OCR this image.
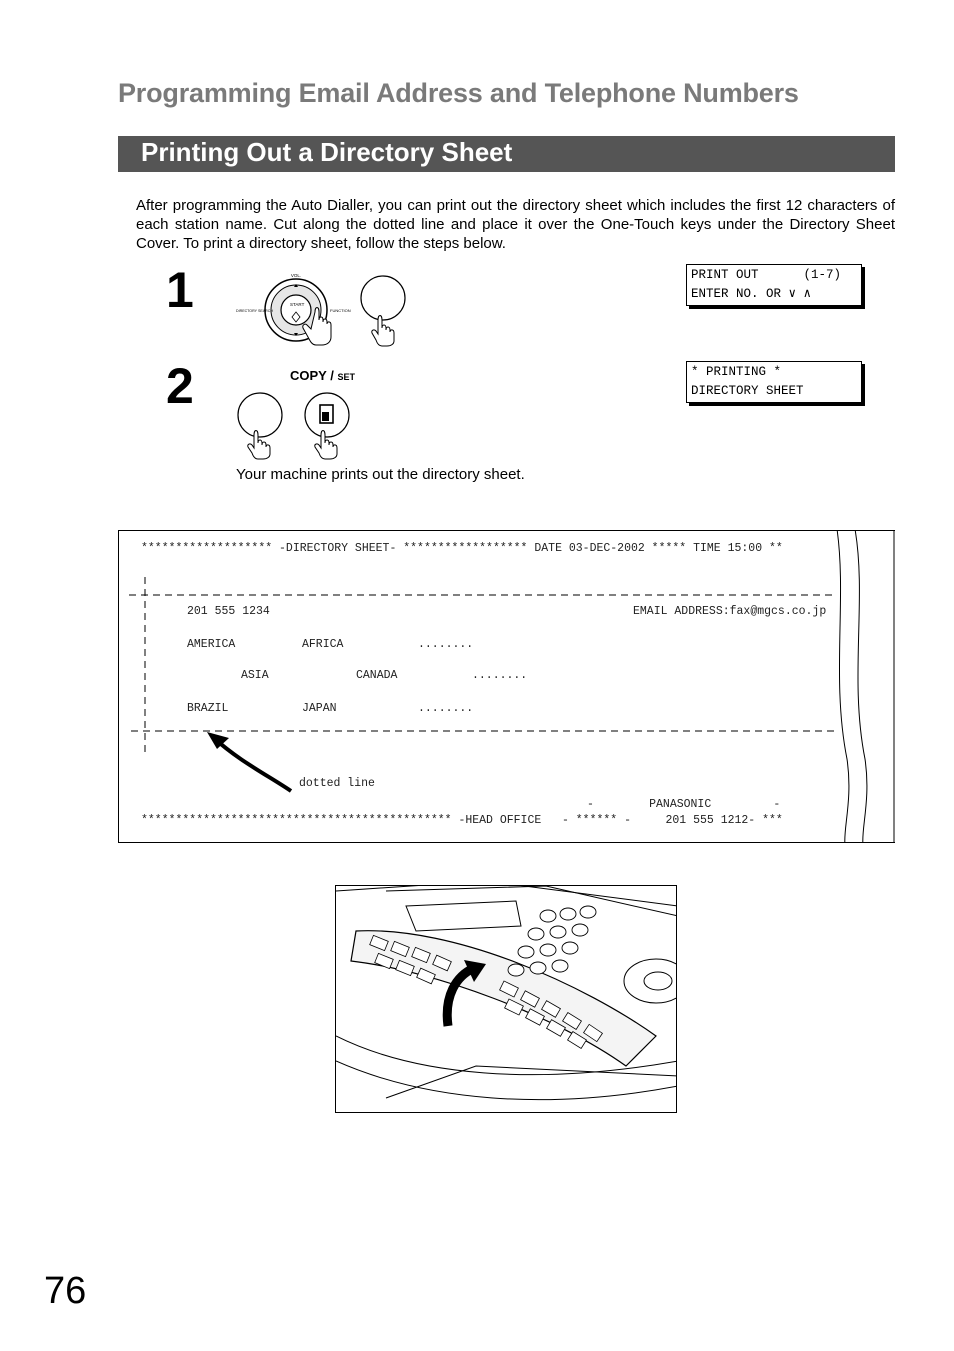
Programming Email Address and Telephone Numbers
Printing Out a Directory Sheet
After programming the Auto Dialler, you can print out the directory sheet which includes the first 12 characters of each station name. Cut along the dotted line and place it over the One-Touch keys under the Directory Sheet Cover. To print a directory sheet, follow the steps below.
1	VOL.
START
DIRECTORY SEARCH	FUNCTION
PRINT OUT      (1-7)
ENTER NO. OR ∨ ∧
2	COPY / SET	* PRINTING *
DIRECTORY SHEET
Your machine prints out the directory sheet.
******************* -DIRECTORY SHEET- ****************** DATE 03-DEC-2002 ***** TIME 15:00 **
201 555 1234	EMAIL ADDRESS:fax@mgcs.co.jp
AMERICA	AFRICA	........
ASIA	CANADA	........
BRAZIL	JAPAN	........
dotted line
-        PANASONIC         -
********************************************* -HEAD OFFICE   - ****** -     201 555 1212- ***
76
